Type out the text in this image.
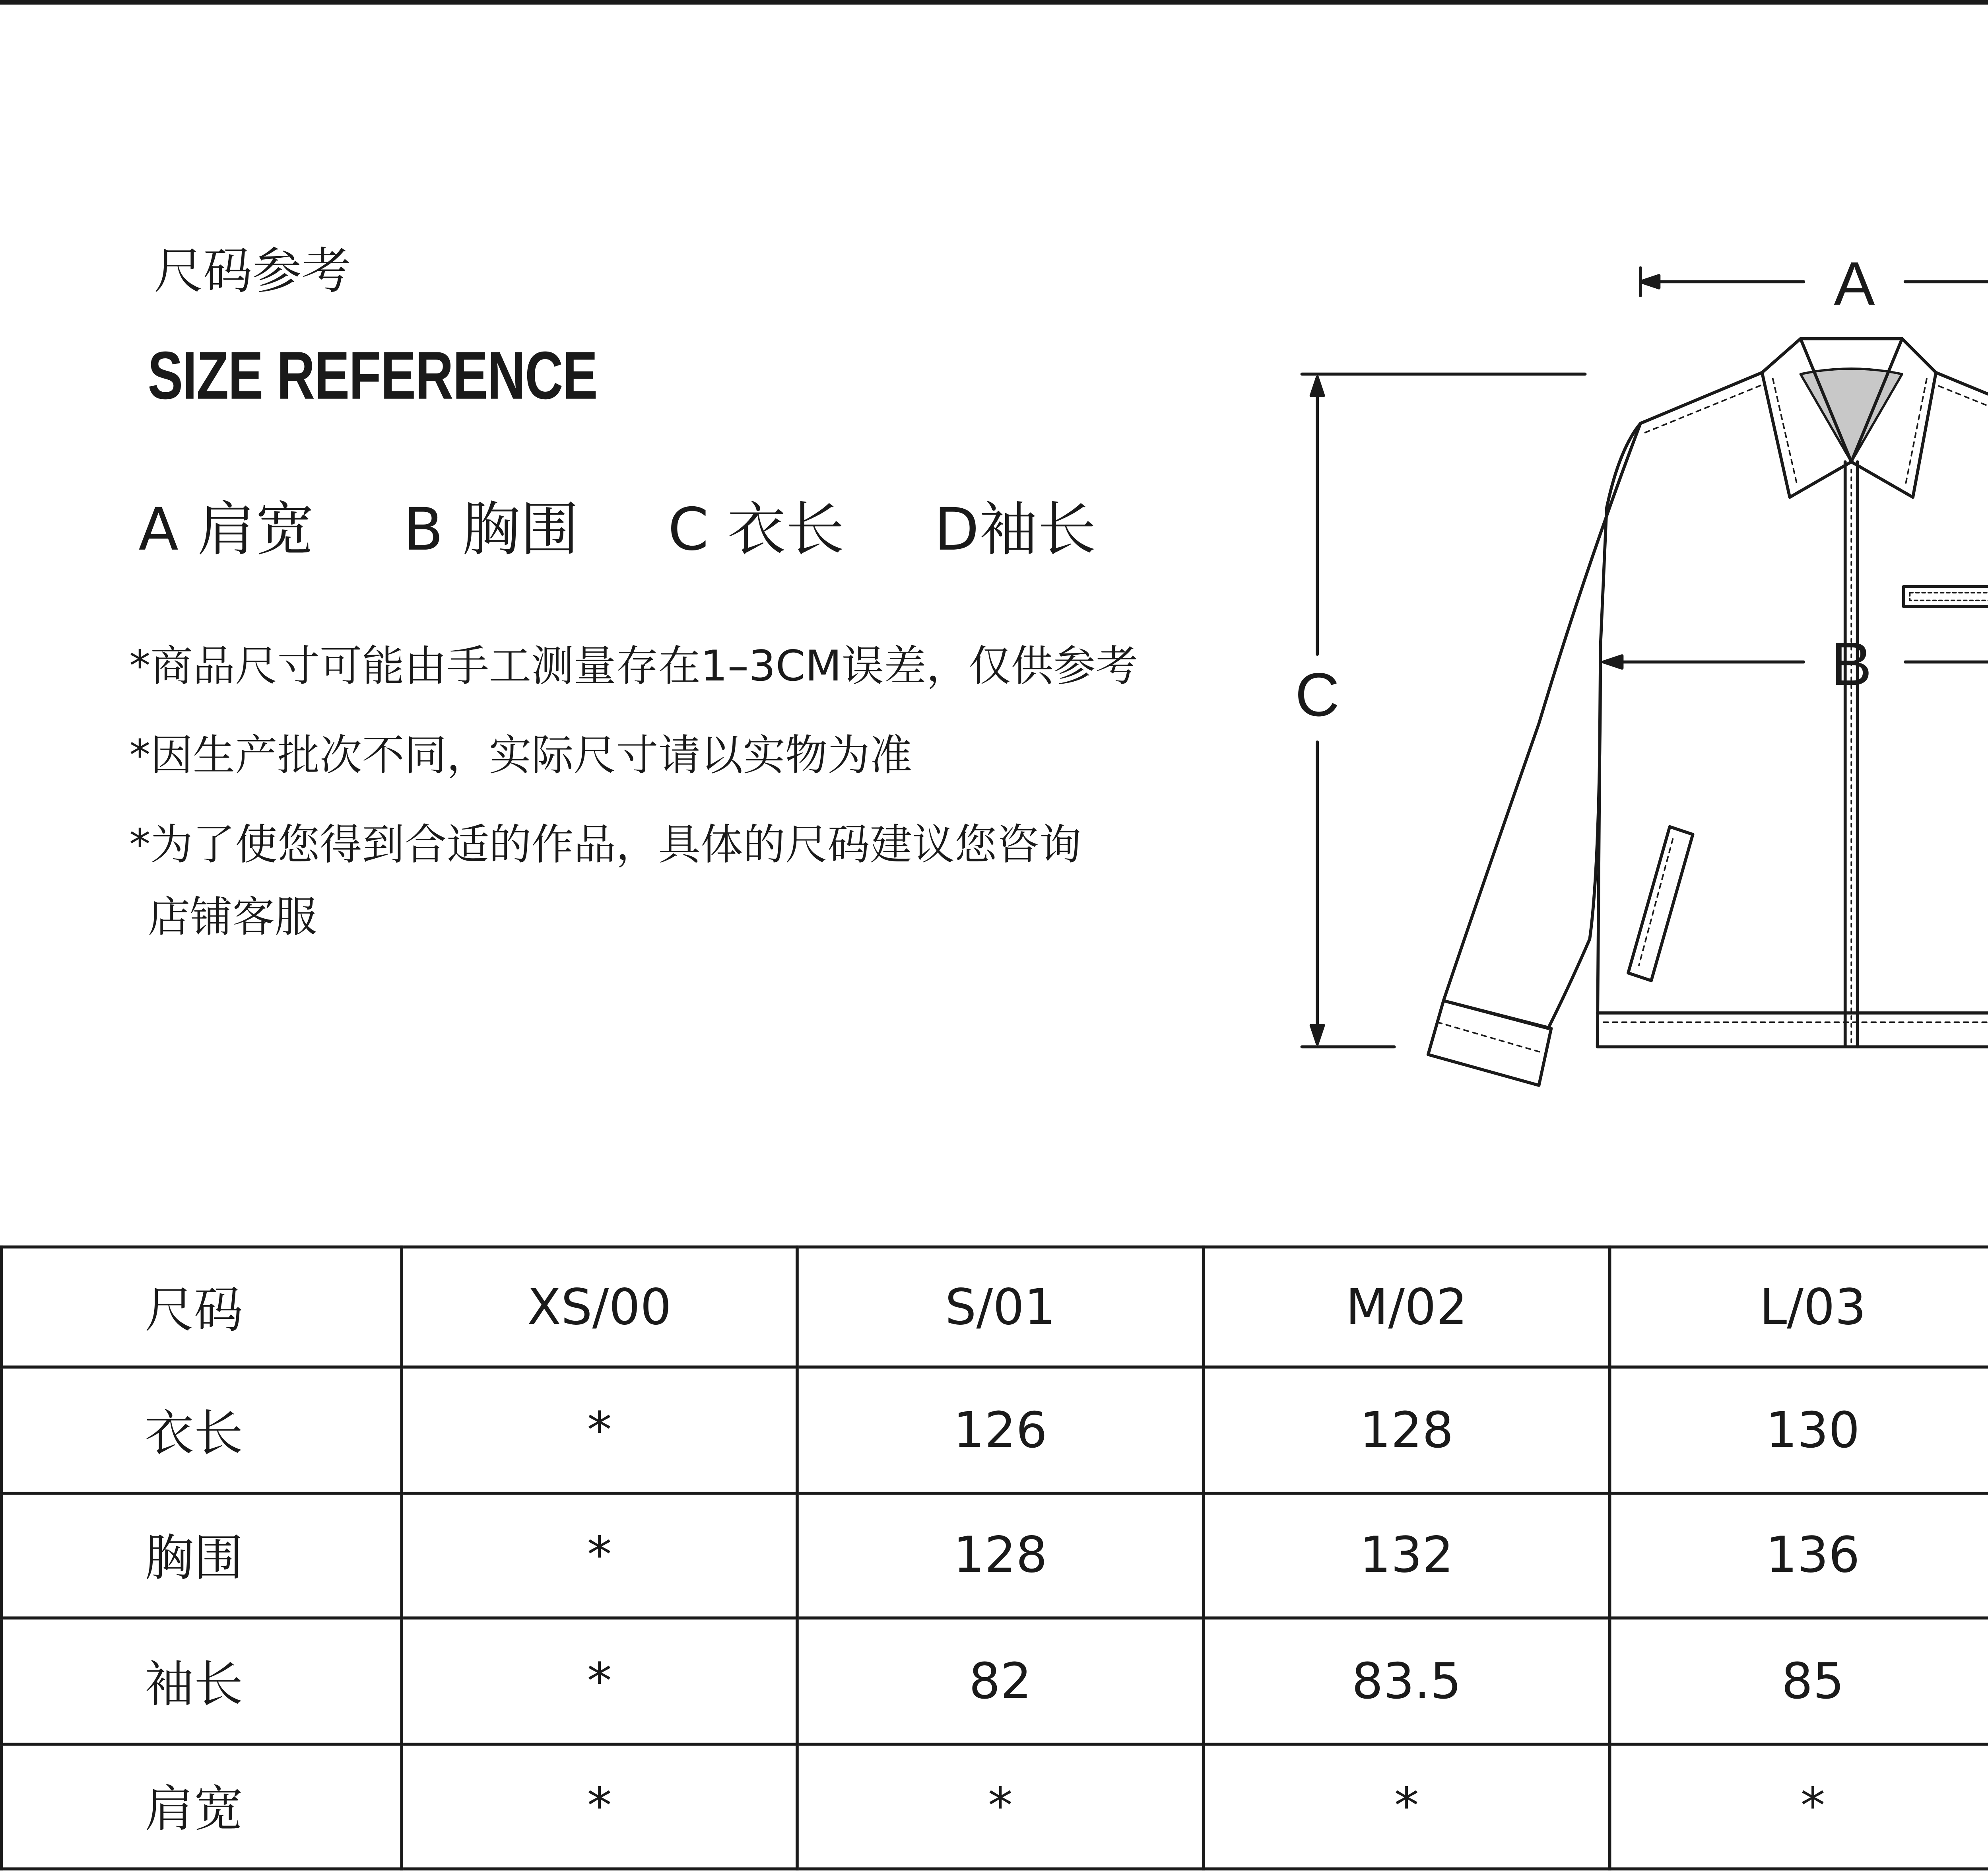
尺码参考
SIZE REFERENCE
A 肩宽	B 胸围	C 衣长	D袖长
*商品尺寸可能由手工测量存在1–3CM误差，仅供参考
*因生产批次不同，实际尺寸请以实物为准
*为了使您得到合适的作品，具体的尺码建议您咨询
店铺客服
A
B
C
尺码	XS/00	S/01	M/02	L/03	
衣长	*	126	128	130	
胸围	*	128	132	136	
袖长	*	82	83.5	85	
肩宽	*	*	*	*	
